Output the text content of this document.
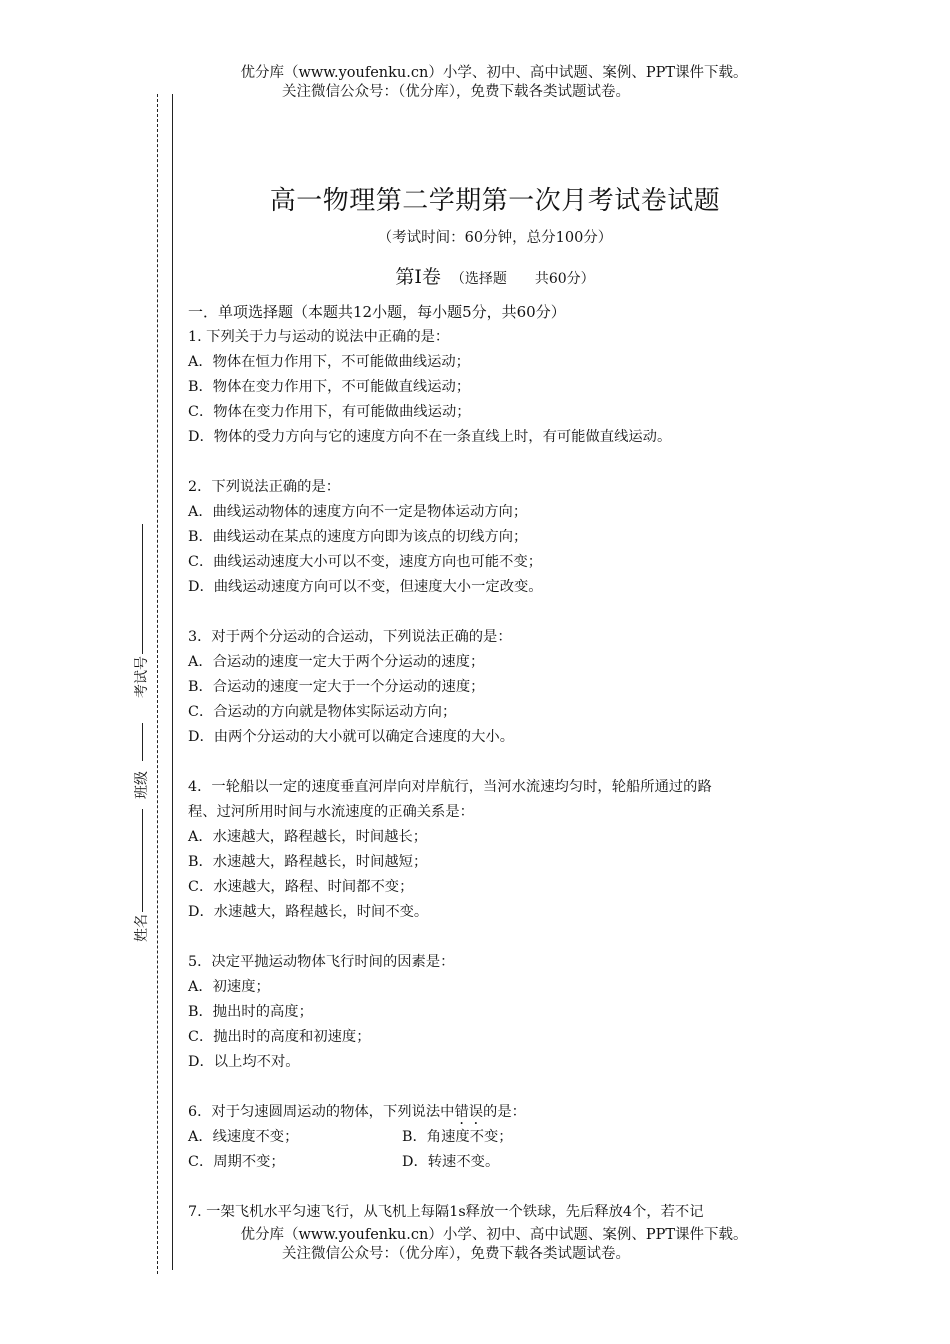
优分库（www.youfenku.cn）小学、初中、高中试题、案例、PPT课件下载。
关注微信公众号：（优分库），免费下载各类试题试卷。
考试号
班级
姓名
高一物理第二学期第一次月考试卷试题
（考试时间：60分钟，总分100分）
第Ⅰ卷 （选择题　　共60分）
一．单项选择题（本题共12小题，每小题5分，共60分）
1. 下列关于力与运动的说法中正确的是：
A．物体在恒力作用下，不可能做曲线运动；
B．物体在变力作用下，不可能做直线运动；
C．物体在变力作用下，有可能做曲线运动；
D．物体的受力方向与它的速度方向不在一条直线上时，有可能做直线运动。
2．下列说法正确的是：
A．曲线运动物体的速度方向不一定是物体运动方向；
B．曲线运动在某点的速度方向即为该点的切线方向；
C．曲线运动速度大小可以不变，速度方向也可能不变；
D．曲线运动速度方向可以不变，但速度大小一定改变。
3．对于两个分运动的合运动，下列说法正确的是：
A．合运动的速度一定大于两个分运动的速度；
B．合运动的速度一定大于一个分运动的速度；
C．合运动的方向就是物体实际运动方向；
D．由两个分运动的大小就可以确定合速度的大小。
4．一轮船以一定的速度垂直河岸向对岸航行，当河水流速均匀时，轮船所通过的路
程、过河所用时间与水流速度的正确关系是：
A．水速越大，路程越长，时间越长；
B．水速越大，路程越长，时间越短；
C．水速越大，路程、时间都不变；
D．水速越大，路程越长，时间不变。
5．决定平抛运动物体飞行时间的因素是：
A．初速度；
B．抛出时的高度；
C．抛出时的高度和初速度；
D．以上均不对。
6．对于匀速圆周运动的物体，下列说法中错误的是：
A．线速度不变；	B．角速度不变；
C．周期不变；	D．转速不变。
7. 一架飞机水平匀速飞行，从飞机上每隔1s释放一个铁球，先后释放4个，若不记
优分库（www.youfenku.cn）小学、初中、高中试题、案例、PPT课件下载。
关注微信公众号：（优分库），免费下载各类试题试卷。
